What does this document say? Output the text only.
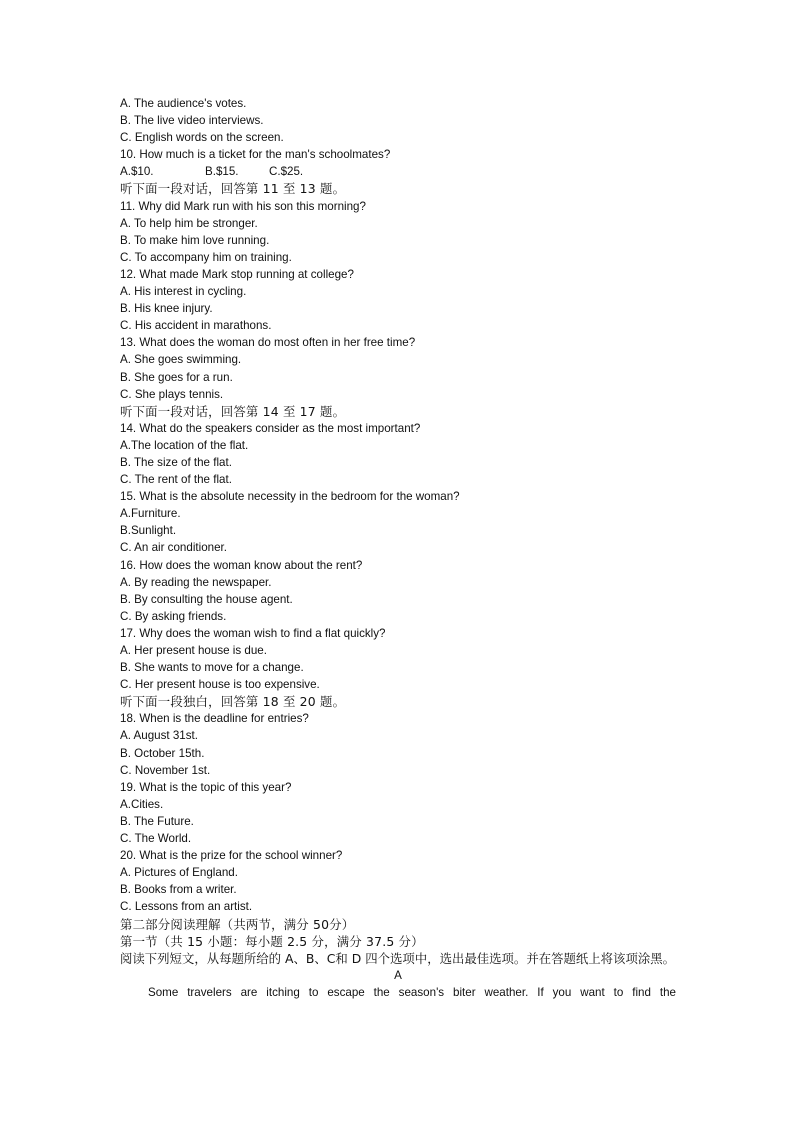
A. The audience's votes.
B. The live video interviews.
C. English words on the screen.
10. How much is a ticket for the man's schoolmates?
A.$10.	B.$15.	C.$25.
听下面一段对话，回答第 11 至 13 题。
11. Why did Mark run with his son this morning?
A. To help him be stronger.
B. To make him love running.
C. To accompany him on training.
12. What made Mark stop running at college?
A. His interest in cycling.
B. His knee injury.
C. His accident in marathons.
13. What does the woman do most often in her free time?
A. She goes swimming.
B. She goes for a run.
C. She plays tennis.
听下面一段对话，回答第 14 至 17 题。
14. What do the speakers consider as the most important?
A.The location of the flat.
B. The size of the flat.
C. The rent of the flat.
15. What is the absolute necessity in the bedroom for the woman?
A.Furniture.
B.Sunlight.
C. An air conditioner.
16. How does the woman know about the rent?
A. By reading the newspaper.
B. By consulting the house agent.
C. By asking friends.
17. Why does the woman wish to find a flat quickly?
A. Her present house is due.
B. She wants to move for a change.
C. Her present house is too expensive.
听下面一段独白，回答第 18 至 20 题。
18. When is the deadline for entries?
A. August 31st.
B. October 15th.
C. November 1st.
19. What is the topic of this year?
A.Cities.
B. The Future.
C. The World.
20. What is the prize for the school winner?
A. Pictures of England.
B. Books from a writer.
C. Lessons from an artist.
第二部分阅读理解（共两节，满分 50分）
第一节（共 15 小题：每小题 2.5 分，满分 37.5 分）
阅读下列短文，从每题所给的 A、B、C和 D 四个选项中，选出最佳选项。并在答题纸上将该项涂黑。
A
Some travelers are itching to escape the season's biter weather. If you want to find the
